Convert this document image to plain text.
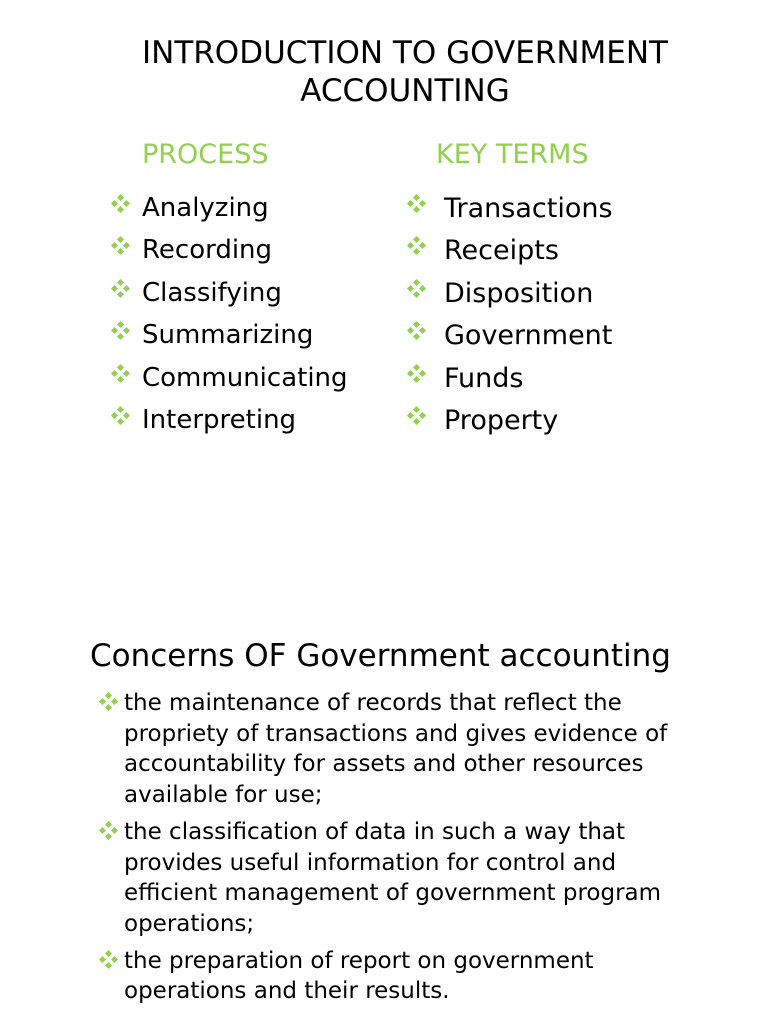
INTRODUCTION TO GOVERNMENT ACCOUNTING
PROCESS	KEY TERMS
Analyzing
Recording
Classifying
Summarizing
Communicating
Interpreting
Transactions
Receipts
Disposition
Government
Funds
Property
Concerns OF Government accounting
the maintenance of records that reflect the propriety of transactions and gives evidence of accountability for assets and other resources available for use;
the classification of data in such a way that provides useful information for control and efficient management of government program operations;
the preparation of report on government operations and their results.
